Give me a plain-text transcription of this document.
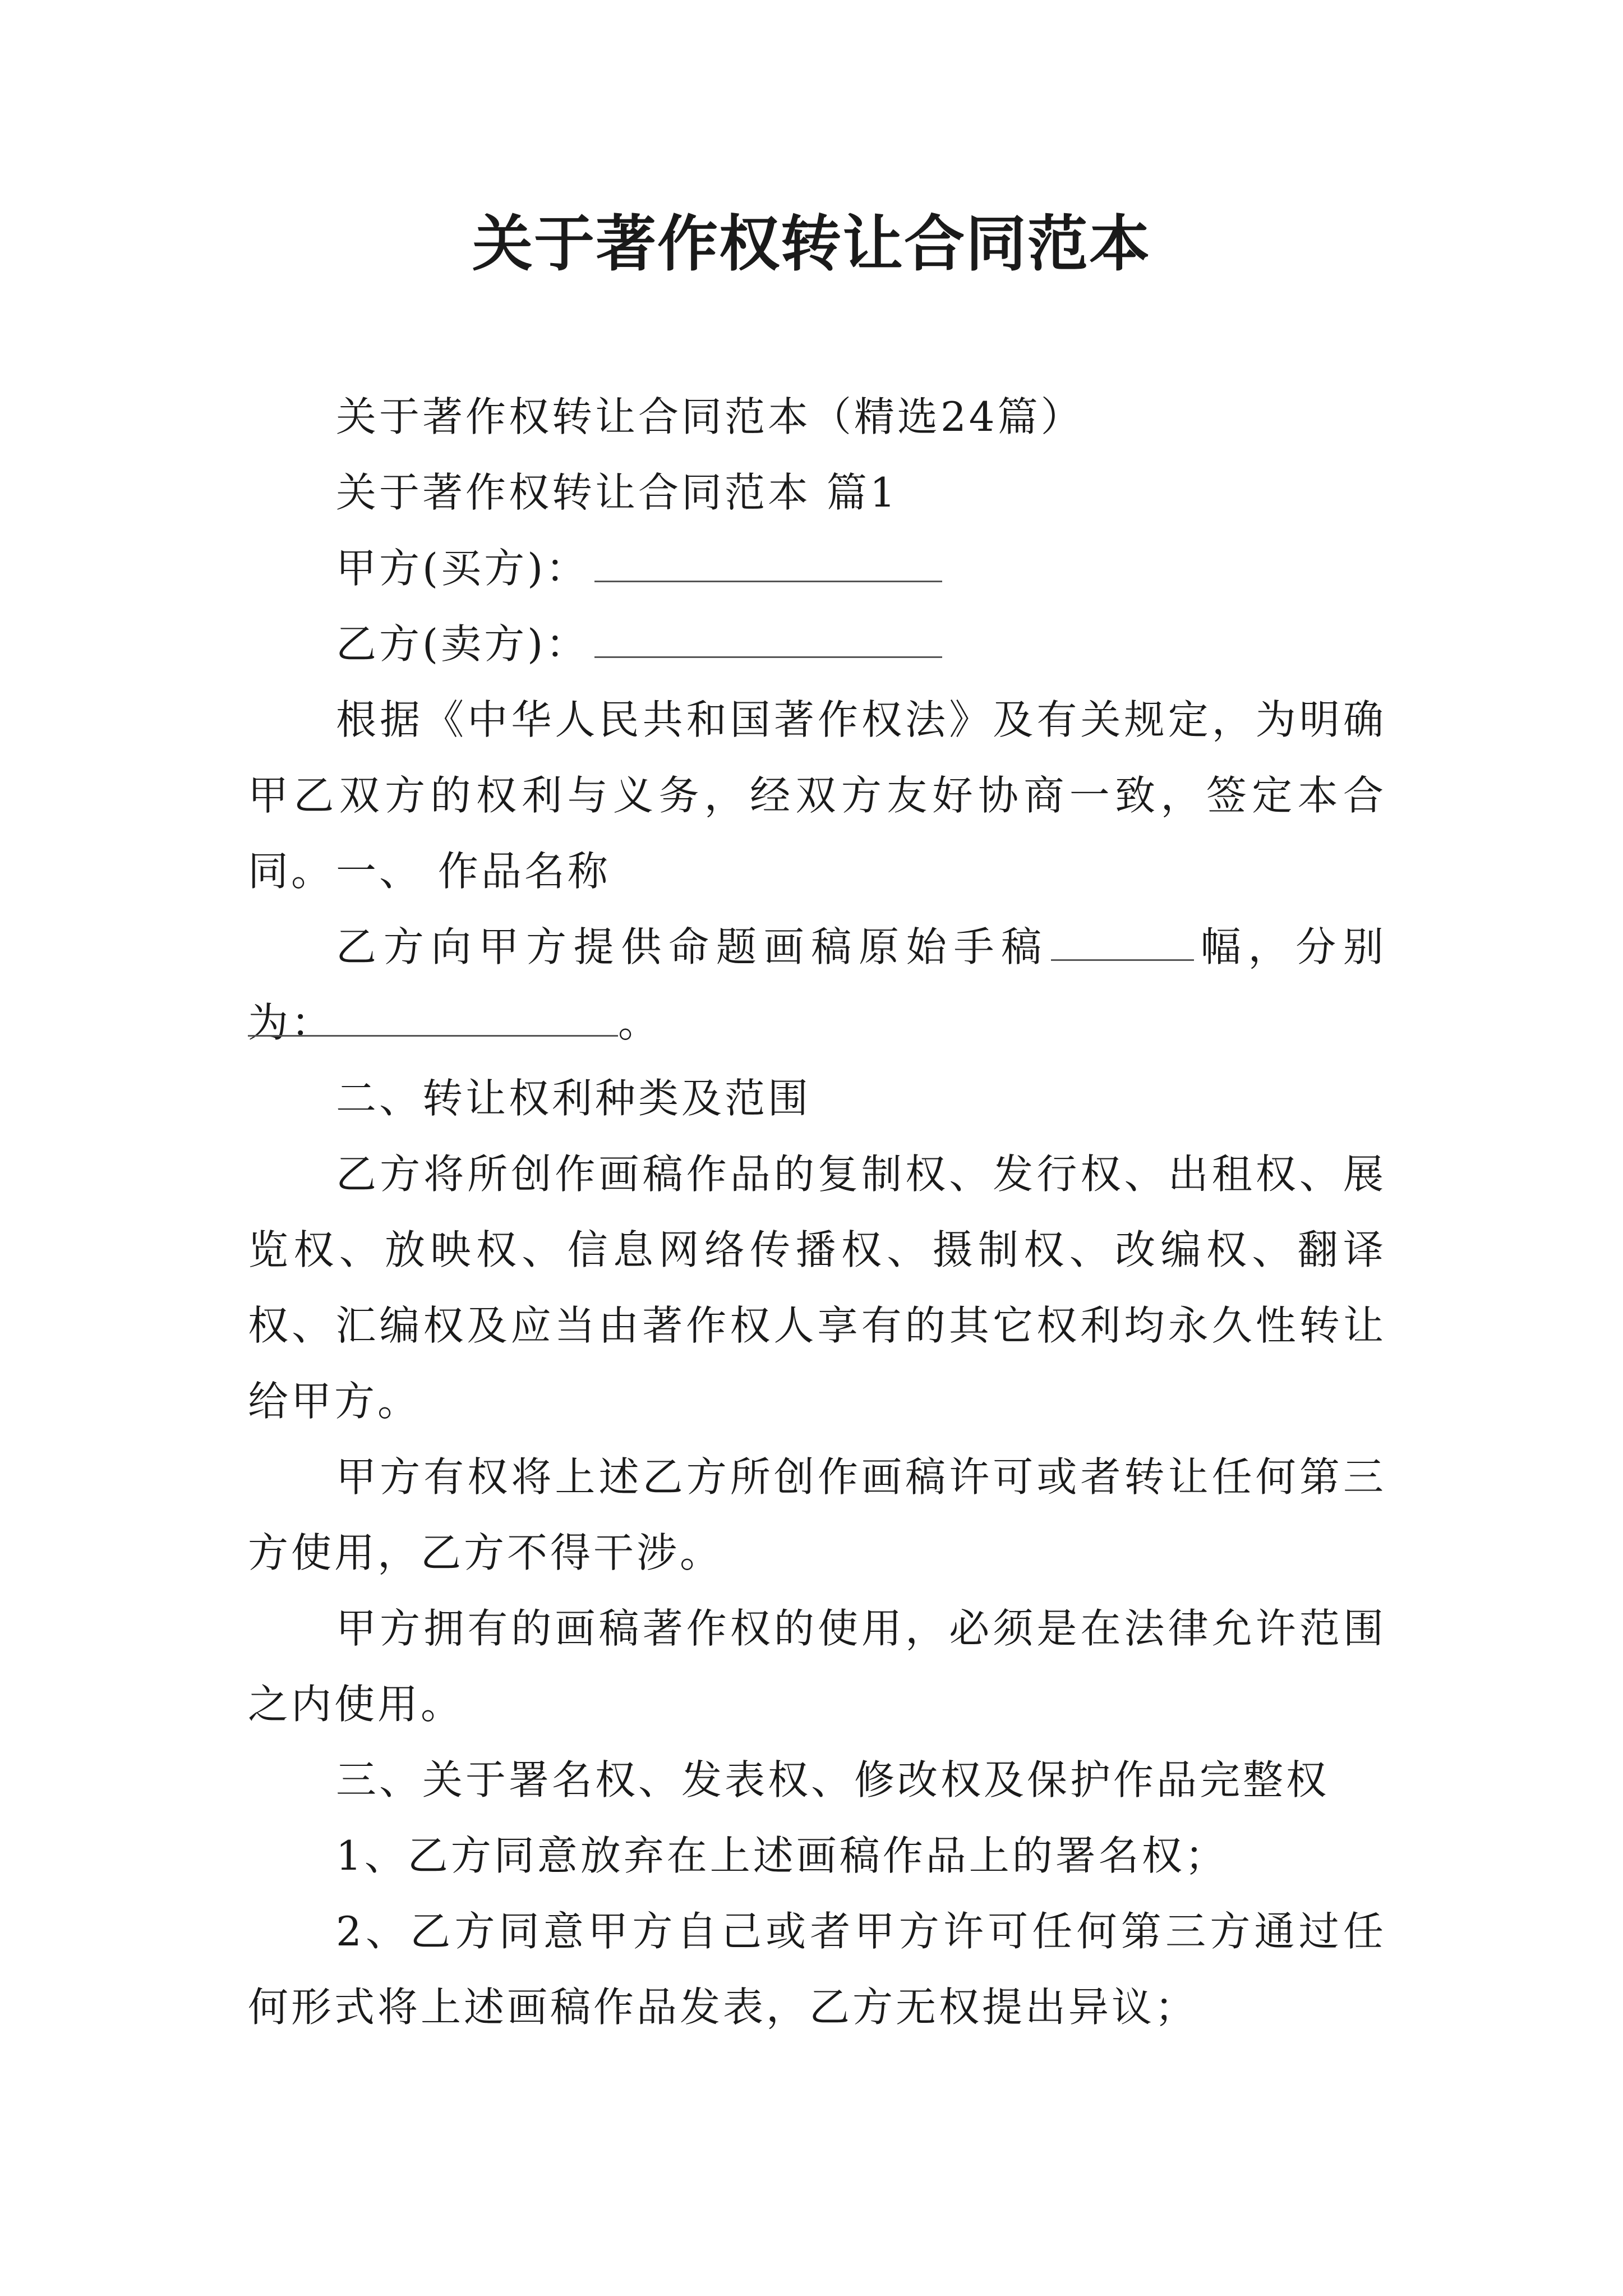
关于著作权转让合同范本

关于著作权转让合同范本（精选24篇）

关于著作权转让合同范本 篇1

甲方(买方)：

乙方(卖方)：

根据《中华人民共和国著作权法》及有关规定，为明确甲乙双方的权利与义务，经双方友好协商一致，签定本合同。 一、 作品名称

乙方向甲方提供命题画稿原始手稿	幅，分别为：	。

二、转让权利种类及范围

乙方将所创作画稿作品的复制权、发行权、出租权、展览权、放映权、信息网络传播权、摄制权、改编权、翻译权、汇编权及应当由著作权人享有的其它权利均永久性转让给甲方。

甲方有权将上述乙方所创作画稿许可或者转让任何第三方使用，乙方不得干涉。

甲方拥有的画稿著作权的使用，必须是在法律允许范围之内使用。

三、关于署名权、发表权、修改权及保护作品完整权

1、乙方同意放弃在上述画稿作品上的署名权；

2、乙方同意甲方自己或者甲方许可任何第三方通过任何形式将上述画稿作品发表，乙方无权提出异议；
